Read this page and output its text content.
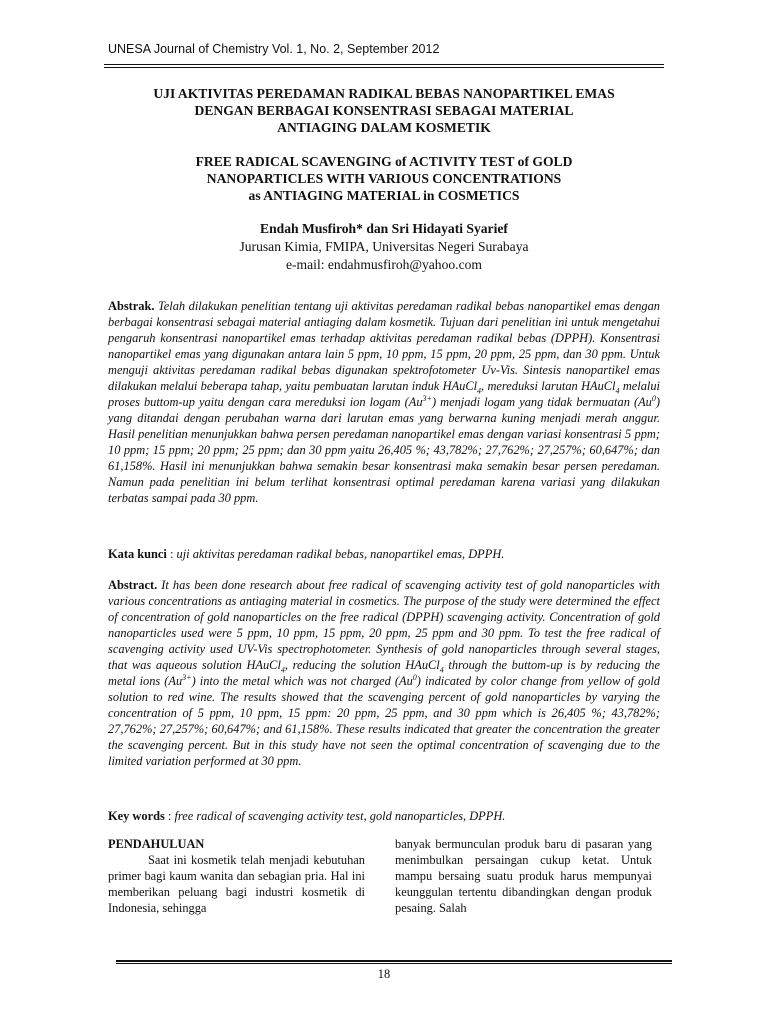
UNESA Journal of Chemistry Vol. 1, No. 2, September 2012
UJI AKTIVITAS PEREDAMAN RADIKAL BEBAS NANOPARTIKEL EMAS
DENGAN BERBAGAI KONSENTRASI SEBAGAI MATERIAL
ANTIAGING DALAM KOSMETIK
FREE RADICAL SCAVENGING of ACTIVITY TEST of GOLD
NANOPARTICLES WITH VARIOUS CONCENTRATIONS
as ANTIAGING MATERIAL in COSMETICS
Endah Musfiroh* dan Sri Hidayati Syarief
Jurusan Kimia, FMIPA, Universitas Negeri Surabaya
e-mail: endahmusfiroh@yahoo.com

Abstrak. Telah dilakukan penelitian tentang uji aktivitas peredaman radikal bebas nanopartikel emas dengan berbagai konsentrasi sebagai material antiaging dalam kosmetik. Tujuan dari penelitian ini untuk mengetahui pengaruh konsentrasi nanopartikel emas terhadap aktivitas peredaman radikal bebas (DPPH). Konsentrasi nanopartikel emas yang digunakan antara lain 5 ppm, 10 ppm, 15 ppm, 20 ppm, 25 ppm, dan 30 ppm. Untuk menguji aktivitas peredaman radikal bebas digunakan spektrofotometer Uv-Vis. Sintesis nanopartikel emas dilakukan melalui beberapa tahap, yaitu pembuatan larutan induk HAuCl$_4$, mereduksi larutan HAuCl$_4$ melalui proses buttom-up yaitu dengan cara mereduksi ion logam $(Au^{3+})$ menjadi logam yang tidak bermuatan (Au$^0$) yang ditandai dengan perubahan warna dari larutan emas yang berwarna kuning menjadi merah anggur. Hasil penelitian menunjukkan bahwa persen peredaman nanopartikel emas dengan variasi konsentrasi 5 ppm; 10 ppm; 15 ppm; 20 ppm; 25 ppm; dan 30 ppm yaitu 26,405 %; 43,782%; 27,762%; 27,257%; 60,647%; dan 61,158%. Hasil ini menunjukkan bahwa semakin besar konsentrasi maka semakin besar persen peredaman. Namun pada penelitian ini belum terlihat konsentrasi optimal peredaman karena variasi yang dilakukan terbatas sampai pada 30 ppm.

Kata kunci : uji aktivitas peredaman radikal bebas, nanopartikel emas, DPPH.

Abstract. It has been done research about free radical of scavenging activity test of gold nanoparticles with various concentrations as antiaging material in cosmetics. The purpose of the study were determined the effect of concentration of gold nanoparticles on the free radical (DPPH) scavenging activity. Concentration of gold nanoparticles used were 5 ppm, 10 ppm, 15 ppm, 20 ppm, 25 ppm and 30 ppm. To test the free radical of scavenging activity used UV-Vis spectrophotometer. Synthesis of gold nanoparticles through several stages, that was aqueous solution HAuCl$_4$, reducing the solution HAuCl$_4$ through the buttom-up is by reducing the metal ions $(Au^{3+})$ into the metal which was not charged (Au$^0$) indicated by color change from yellow of gold solution to red wine. The results showed that the scavenging percent of gold nanoparticles by varying the concentration of 5 ppm, 10 ppm, 15 ppm: 20 ppm, 25 ppm, and 30 ppm which is 26,405 %; 43,782%; 27,762%; 27,257%; 60,647%; and 61,158%. These results indicated that greater the concentration the greater the scavenging percent. But in this study have not seen the optimal concentration of scavenging due to the limited variation performed at 30 ppm.

Key words : free radical of scavenging activity test, gold nanoparticles, DPPH.

PENDAHULUAN

Saat ini kosmetik telah menjadi kebutuhan primer bagi kaum wanita dan sebagian pria. Hal ini memberikan peluang bagi industri kosmetik di Indonesia, sehingga

banyak bermunculan produk baru di pasaran yang menimbulkan persaingan cukup ketat. Untuk mampu bersaing suatu produk harus mempunyai keunggulan tertentu dibandingkan dengan produk pesaing. Salah

18
